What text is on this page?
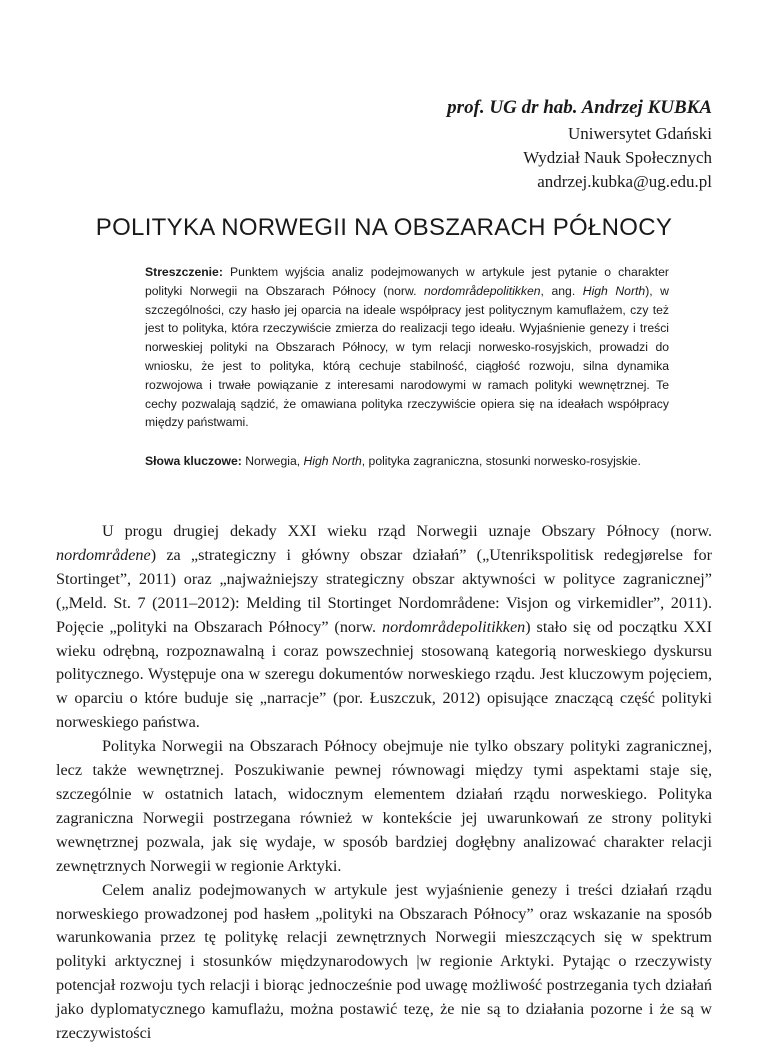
prof. UG dr hab. Andrzej KUBKA
Uniwersytet Gdański
Wydział Nauk Społecznych
andrzej.kubka@ug.edu.pl
POLITYKA NORWEGII NA OBSZARACH PÓŁNOCY
Streszczenie: Punktem wyjścia analiz podejmowanych w artykule jest pytanie o charakter polityki Norwegii na Obszarach Północy (norw. nordområdepolitikken, ang. High North), w szczególności, czy hasło jej oparcia na ideale współpracy jest politycznym kamuflażem, czy też jest to polityka, która rzeczywiście zmierza do realizacji tego ideału. Wyjaśnienie genezy i treści norweskiej polityki na Obszarach Północy, w tym relacji norwesko-rosyjskich, prowadzi do wniosku, że jest to polityka, którą cechuje stabilność, ciągłość rozwoju, silna dynamika rozwojowa i trwałe powiązanie z interesami narodowymi w ramach polityki wewnętrznej. Te cechy pozwalają sądzić, że omawiana polityka rzeczywiście opiera się na ideałach współpracy między państwami.
Słowa kluczowe: Norwegia, High North, polityka zagraniczna, stosunki norwesko-rosyjskie.

U progu drugiej dekady XXI wieku rząd Norwegii uznaje Obszary Północy (norw. nordområdene) za „strategiczny i główny obszar działań” („Utenrikspolitisk redegjørelse for Stortinget”, 2011) oraz „najważniejszy strategiczny obszar aktywności w polityce zagranicznej” („Meld. St. 7 (2011–2012): Melding til Stortinget Nordområdene: Visjon og virkemidler”, 2011). Pojęcie „polityki na Obszarach Północy” (norw. nordområdepolitikken) stało się od początku XXI wieku odrębną, rozpoznawalną i coraz powszechniej stosowaną kategorią norweskiego dyskursu politycznego. Występuje ona w szeregu dokumentów norweskiego rządu. Jest kluczowym pojęciem, w oparciu o które buduje się „narracje” (por. Łuszczuk, 2012) opisujące znaczącą część polityki norweskiego państwa.

Polityka Norwegii na Obszarach Północy obejmuje nie tylko obszary polityki zagranicznej, lecz także wewnętrznej. Poszukiwanie pewnej równowagi między tymi aspektami staje się, szczególnie w ostatnich latach, widocznym elementem działań rządu norweskiego. Polityka zagraniczna Norwegii postrzegana również w kontekście jej uwarunkowań ze strony polityki wewnętrznej pozwala, jak się wydaje, w sposób bardziej dogłębny analizować charakter relacji zewnętrznych Norwegii w regionie Arktyki.

Celem analiz podejmowanych w artykule jest wyjaśnienie genezy i treści działań rządu norweskiego prowadzonej pod hasłem „polityki na Obszarach Północy” oraz wskazanie na sposób warunkowania przez tę politykę relacji zewnętrznych Norwegii mieszczących się w spektrum polityki arktycznej i stosunków międzynarodowych |w regionie Arktyki. Pytając o rzeczywisty potencjał rozwoju tych relacji i biorąc jednocześnie pod uwagę możliwość postrzegania tych działań jako dyplomatycznego kamuflażu, można postawić tezę, że nie są to działania pozorne i że są w rzeczywistości
